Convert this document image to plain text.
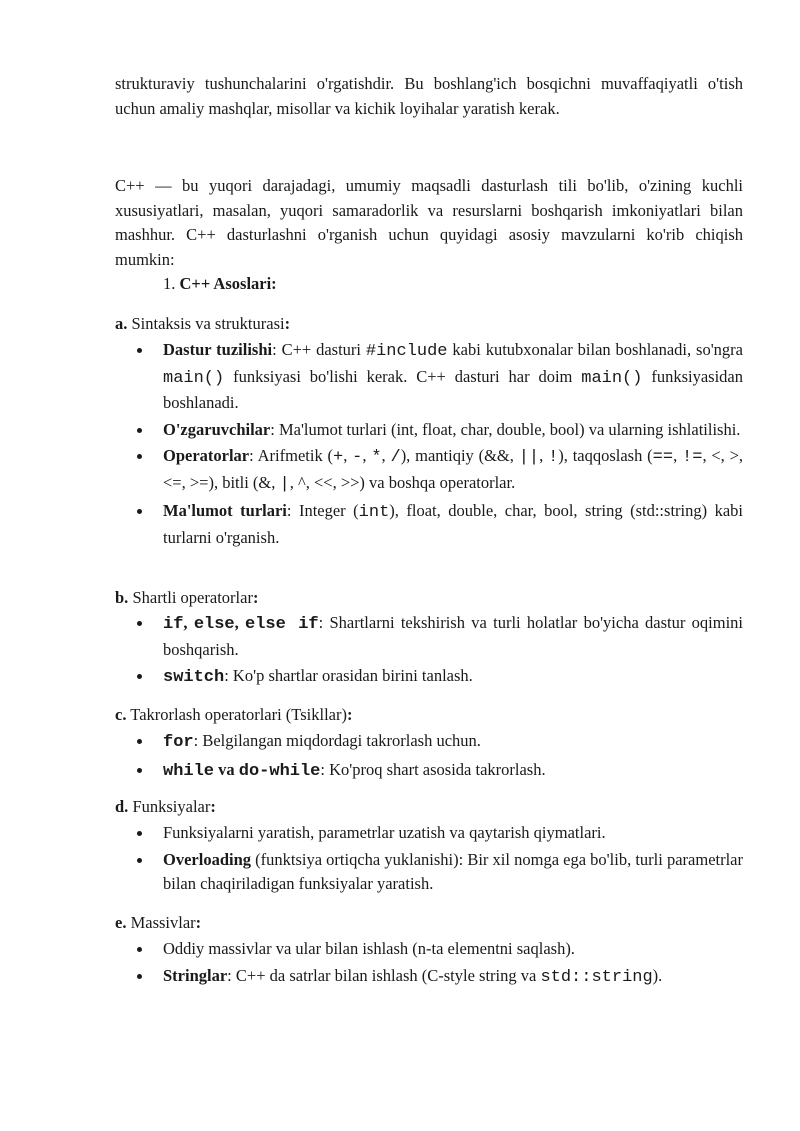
strukturaviy tushunchalarini o'rgatishdir. Bu boshlang'ich bosqichni muvaffaqiyatli o'tish uchun amaliy mashqlar, misollar va kichik loyihalar yaratish kerak.

C++ — bu yuqori darajadagi, umumiy maqsadli dasturlash tili bo'lib, o'zining kuchli xususiyatlari, masalan, yuqori samaradorlik va resurslarni boshqarish imkoniyatlari bilan mashhur. C++ dasturlashni o'rganish uchun quyidagi asosiy mavzularni ko'rib chiqish mumkin:

1. C++ Asoslari:
a. Sintaksis va strukturasi:
Dastur tuzilishi: C++ dasturi #include kabi kutubxonalar bilan boshlanadi, so'ngra main() funksiyasi bo'lishi kerak. C++ dasturi har doim main() funksiyasidan boshlanadi.
O'zgaruvchilar: Ma'lumot turlari (int, float, char, double, bool) va ularning ishlatilishi.
Operatorlar: Arifmetik (+, -, *, /), mantiqiy (&&, ||, !), taqqoslash (==, !=, <, >, <=, >=), bitli (&, |, ^, <<, >>) va boshqa operatorlar.
Ma'lumot turlari: Integer (int), float, double, char, bool, string (std::string) kabi turlarni o'rganish.
b. Shartli operatorlar:
if, else, else if: Shartlarni tekshirish va turli holatlar bo'yicha dastur oqimini boshqarish.
switch: Ko'p shartlar orasidan birini tanlash.
c. Takrorlash operatorlari (Tsikllar):
for: Belgilangan miqdordagi takrorlash uchun.
while va do-while: Ko'proq shart asosida takrorlash.
d. Funksiyalar:
Funksiyalarni yaratish, parametrlar uzatish va qaytarish qiymatlari.
Overloading (funktsiya ortiqcha yuklanishi): Bir xil nomga ega bo'lib, turli parametrlar bilan chaqiriladigan funksiyalar yaratish.
e. Massivlar:
Oddiy massivlar va ular bilan ishlash (n-ta elementni saqlash).
Stringlar: C++ da satrlar bilan ishlash (C-style string va std::string).
